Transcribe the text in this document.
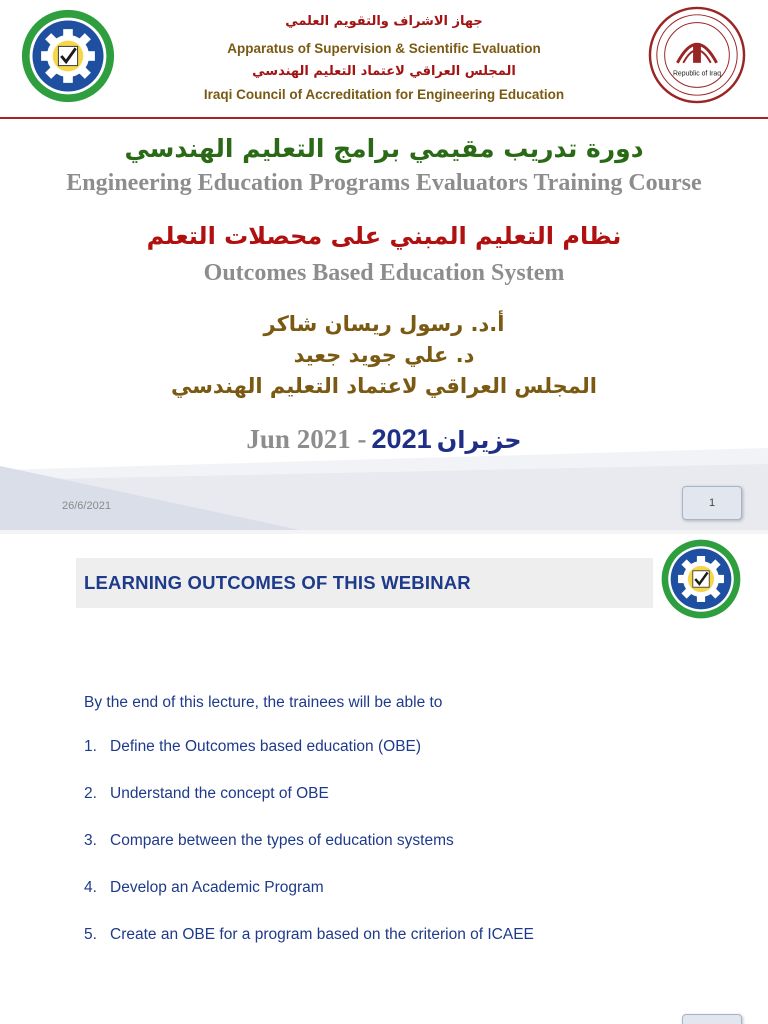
Republic of Iraq
جهاز الاشراف والتقويم العلمي
Apparatus of Supervision & Scientific Evaluation
المجلس العراقي لاعتماد التعليم الهندسي
Iraqi Council of Accreditation for Engineering Education
دورة تدريب مقيمي برامج التعليم الهندسي
Engineering Education Programs Evaluators Training Course
نظام التعليم المبني على محصلات التعلم
Outcomes Based Education System
أ.د. رسول ريسان شاكر
د. علي جويد جعيد
المجلس العراقي لاعتماد التعليم الهندسي
Jun 2021 - 2021 حزيران
26/6/2021	1
LEARNING OUTCOMES OF THIS WEBINAR
By the end of this lecture, the trainees will be able to
1. Define the Outcomes based education (OBE)
2. Understand the concept of OBE
3. Compare between the types of education systems
4. Develop an Academic Program
5. Create an OBE for a program based on the criterion of ICAEE
